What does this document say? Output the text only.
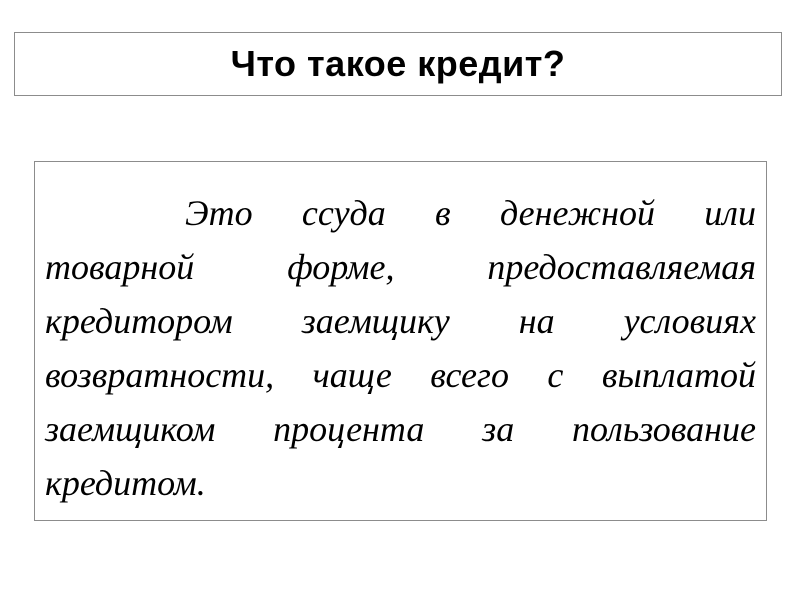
Что такое кредит?

Это ссуда в денежной или товарной форме, предоставляемая кредитором заемщику на условиях возвратности, чаще всего с выплатой заемщиком процента за пользование кредитом.
